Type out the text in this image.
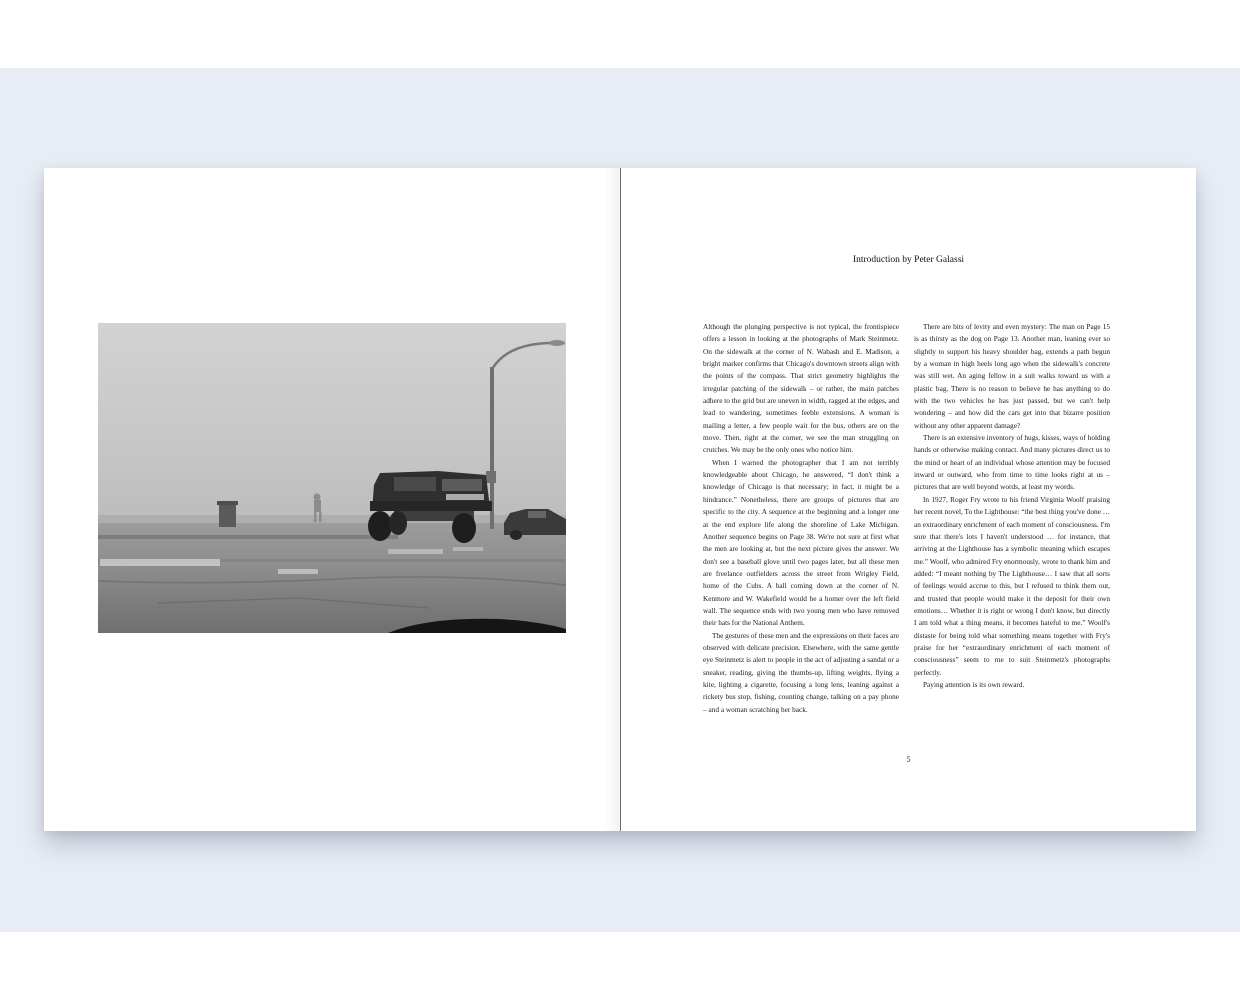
Introduction by Peter Galassi

Although the plunging perspective is not typical, the frontispiece offers a lesson in looking at the photographs of Mark Steinmetz. On the sidewalk at the corner of N. Wabash and E. Madison, a bright marker confirms that Chicago's downtown streets align with the points of the compass. That strict geometry highlights the irregular patching of the sidewalk – or rather, the main patches adhere to the grid but are uneven in width, ragged at the edges, and lead to wandering, sometimes feeble extensions. A woman is mailing a letter, a few people wait for the bus, others are on the move. Then, right at the corner, we see the man struggling on crutches. We may be the only ones who notice him.

When I warned the photographer that I am not terribly knowledgeable about Chicago, he answered, “I don't think a knowledge of Chicago is that necessary; in fact, it might be a hindrance.” Nonetheless, there are groups of pictures that are specific to the city. A sequence at the beginning and a longer one at the end explore life along the shoreline of Lake Michigan. Another sequence begins on Page 38. We're not sure at first what the men are looking at, but the next picture gives the answer. We don't see a baseball glove until two pages later, but all these men are freelance outfielders across the street from Wrigley Field, home of the Cubs. A ball coming down at the corner of N. Kenmore and W. Wakefield would be a homer over the left field wall. The sequence ends with two young men who have removed their hats for the National Anthem.

The gestures of these men and the expressions on their faces are observed with delicate precision. Elsewhere, with the same gentle eye Steinmetz is alert to people in the act of adjusting a sandal or a sneaker, reading, giving the thumbs-up, lifting weights, flying a kite, lighting a cigarette, focusing a long lens, leaning against a rickety bus stop, fishing, counting change, talking on a pay phone – and a woman scratching her back.

There are bits of levity and even mystery: The man on Page 15 is as thirsty as the dog on Page 13. Another man, leaning ever so slightly to support his heavy shoulder bag, extends a path begun by a woman in high heels long ago when the sidewalk's concrete was still wet. An aging fellow in a suit walks toward us with a plastic bag. There is no reason to believe he has anything to do with the two vehicles he has just passed, but we can't help wondering – and how did the cars get into that bizarre position without any other apparent damage?

There is an extensive inventory of hugs, kisses, ways of holding hands or otherwise making contact. And many pictures direct us to the mind or heart of an individual whose attention may be focused inward or outward, who from time to time looks right at us – pictures that are well beyond words, at least my words.

In 1927, Roger Fry wrote to his friend Virginia Woolf praising her recent novel, To the Lighthouse: “the best thing you've done … an extraordinary enrichment of each moment of consciousness. I'm sure that there's lots I haven't understood … for instance, that arriving at the Lighthouse has a symbolic meaning which escapes me.” Woolf, who admired Fry enormously, wrote to thank him and added: “I meant nothing by The Lighthouse… I saw that all sorts of feelings would accrue to this, but I refused to think them out, and trusted that people would make it the deposit for their own emotions… Whether it is right or wrong I don't know, but directly I am told what a thing means, it becomes hateful to me.” Woolf's distaste for being told what something means together with Fry's praise for her “extraordinary enrichment of each moment of consciousness” seem to me to suit Steinmetz's photographs perfectly.

Paying attention is its own reward.

5
